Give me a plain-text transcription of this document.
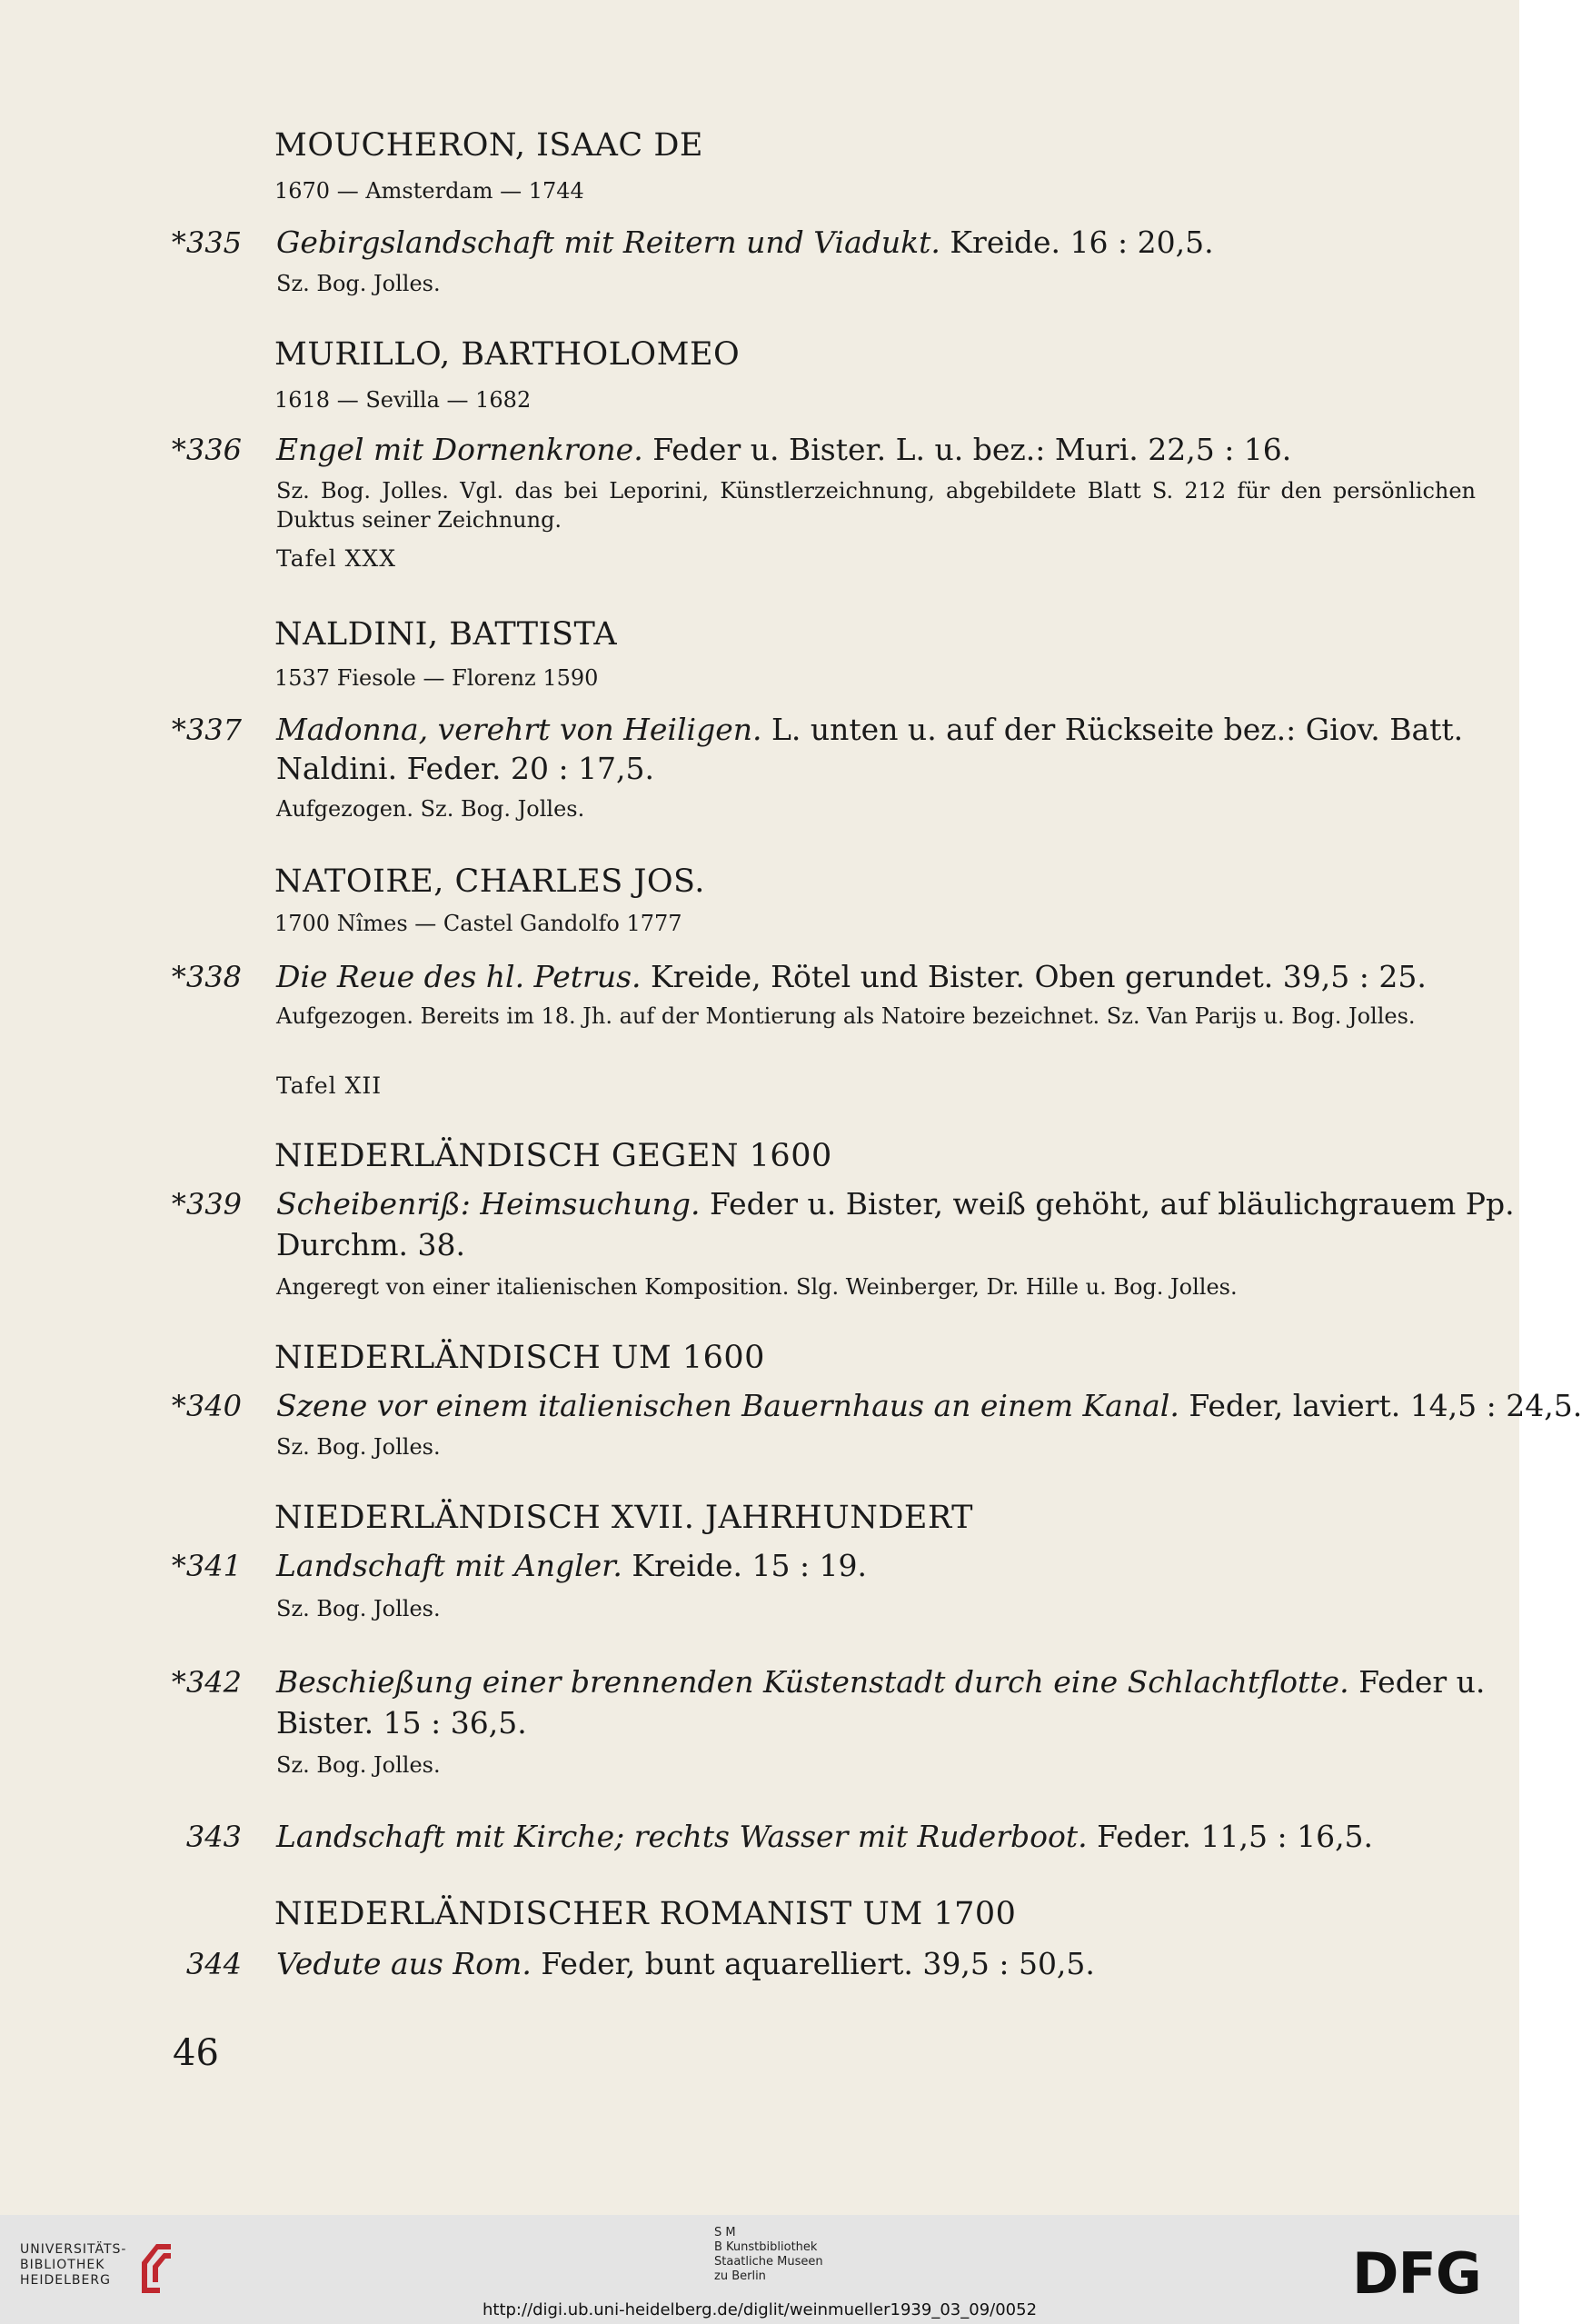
MOUCHERON, ISAAC DE
1670 — Amsterdam — 1744
*335 Gebirgslandschaft mit Reitern und Viadukt. Kreide. 16 : 20,5.
Sz. Bog. Jolles.
MURILLO, BARTHOLOMEO
1618 — Sevilla — 1682
*336 Engel mit Dornenkrone. Feder u. Bister. L. u. bez.: Muri. 22,5 : 16.
Sz. Bog. Jolles. Vgl. das bei Leporini, Künstlerzeichnung, abgebildete Blatt S. 212 für den persönlichen Duktus seiner Zeichnung.
Tafel XXX
NALDINI, BATTISTA
1537 Fiesole — Florenz 1590
*337 Madonna, verehrt von Heiligen. L. unten u. auf der Rückseite bez.: Giov. Batt.
Naldini. Feder. 20 : 17,5.
Aufgezogen. Sz. Bog. Jolles.
NATOIRE, CHARLES JOS.
1700 Nîmes — Castel Gandolfo 1777
*338 Die Reue des hl. Petrus. Kreide, Rötel und Bister. Oben gerundet. 39,5 : 25.
Aufgezogen. Bereits im 18. Jh. auf der Montierung als Natoire bezeichnet. Sz. Van Parijs u. Bog. Jolles.
Tafel XII
NIEDERLÄNDISCH GEGEN 1600
*339 Scheibenriß: Heimsuchung. Feder u. Bister, weiß gehöht, auf bläulichgrauem Pp.
Durchm. 38.
Angeregt von einer italienischen Komposition. Slg. Weinberger, Dr. Hille u. Bog. Jolles.
NIEDERLÄNDISCH UM 1600
*340 Szene vor einem italienischen Bauernhaus an einem Kanal. Feder, laviert. 14,5 : 24,5.
Sz. Bog. Jolles.
NIEDERLÄNDISCH XVII. JAHRHUNDERT
*341 Landschaft mit Angler. Kreide. 15 : 19.
Sz. Bog. Jolles.
*342 Beschießung einer brennenden Küstenstadt durch eine Schlachtflotte. Feder u.
Bister. 15 : 36,5.
Sz. Bog. Jolles.
343 Landschaft mit Kirche; rechts Wasser mit Ruderboot. Feder. 11,5 : 16,5.
NIEDERLÄNDISCHER ROMANIST UM 1700
344 Vedute aus Rom. Feder, bunt aquarelliert. 39,5 : 50,5.
46
UNIVERSITÄTS-
BIBLIOTHEK
HEIDELBERG
S M
B Kunstbibliothek
Staatliche Museen
zu Berlin	DFG
http://digi.ub.uni-heidelberg.de/diglit/weinmueller1939_03_09/0052
